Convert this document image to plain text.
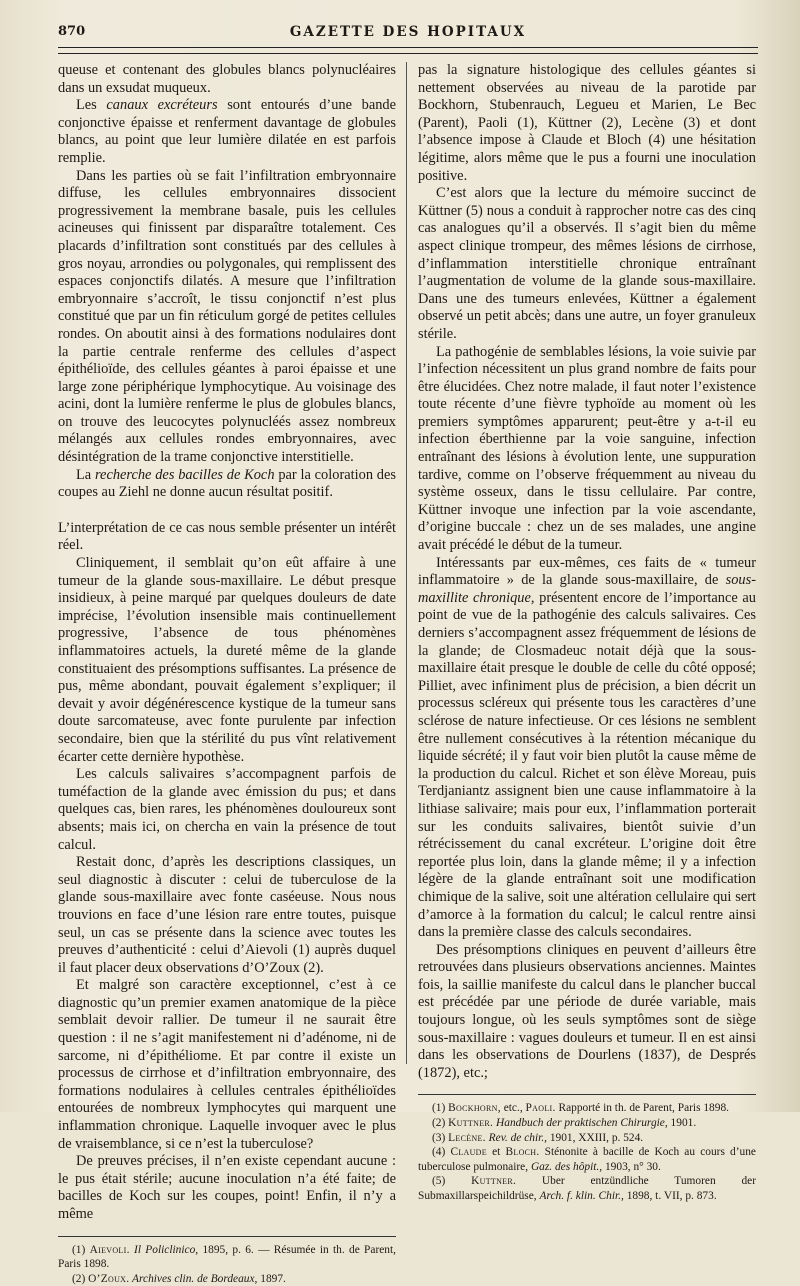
870	GAZETTE DES HOPITAUX

queuse et contenant des globules blancs polynucléaires dans un exsudat muqueux.

Les canaux excréteurs sont entourés d’une bande conjonctive épaisse et renferment davantage de globules blancs, au point que leur lumière dilatée en est parfois remplie.

Dans les parties où se fait l’infiltration embryonnaire diffuse, les cellules embryonnaires dissocient progressivement la membrane basale, puis les cellules acineuses qui finissent par disparaître totalement. Ces placards d’infiltration sont constitués par des cellules à gros noyau, arrondies ou polygonales, qui remplissent des espaces conjonctifs dilatés. A mesure que l’infiltration embryonnaire s’accroît, le tissu conjonctif n’est plus constitué que par un fin réticulum gorgé de petites cellules rondes. On aboutit ainsi à des formations nodulaires dont la partie centrale renferme des cellules d’aspect épithélioïde, des cellules géantes à paroi épaisse et une large zone périphérique lymphocytique. Au voisinage des acini, dont la lumière renferme le plus de globules blancs, on trouve des leucocytes polynucléés assez nombreux mélangés aux cellules rondes embryonnaires, avec désintégration de la trame conjonctive interstitielle.

La recherche des bacilles de Koch par la coloration des coupes au Ziehl ne donne aucun résultat positif.

L’interprétation de ce cas nous semble présenter un intérêt réel.

Cliniquement, il semblait qu’on eût affaire à une tumeur de la glande sous-maxillaire. Le début presque insidieux, à peine marqué par quelques douleurs de date imprécise, l’évolution insensible mais continuellement progressive, l’absence de tous phénomènes inflammatoires actuels, la dureté même de la glande constituaient des présomptions suffisantes. La présence de pus, même abondant, pouvait également s’expliquer; il devait y avoir dégénérescence kystique de la tumeur sans doute sarcomateuse, avec fonte purulente par infection secondaire, bien que la stérilité du pus vînt relativement écarter cette dernière hypothèse.

Les calculs salivaires s’accompagnent parfois de tuméfaction de la glande avec émission du pus; et dans quelques cas, bien rares, les phénomènes douloureux sont absents; mais ici, on chercha en vain la présence de tout calcul.

Restait donc, d’après les descriptions classiques, un seul diagnostic à discuter : celui de tuberculose de la glande sous-maxillaire avec fonte caséeuse. Nous nous trouvions en face d’une lésion rare entre toutes, puisque seul, un cas se présente dans la science avec toutes les preuves d’authenticité : celui d’Aievoli (1) auprès duquel il faut placer deux observations d’O’Zoux (2).

Et malgré son caractère exceptionnel, c’est à ce diagnostic qu’un premier examen anatomique de la pièce semblait devoir rallier. De tumeur il ne saurait être question : il ne s’agit manifestement ni d’adénome, ni de sarcome, ni d’épithéliome. Et par contre il existe un processus de cirrhose et d’infiltration embryonnaire, des formations nodulaires à cellules centrales épithélioïdes entourées de nombreux lymphocytes qui marquent une inflammation chronique. Laquelle invoquer avec le plus de vraisemblance, si ce n’est la tuberculose?

De preuves précises, il n’en existe cependant aucune : le pus était stérile; aucune inoculation n’a été faite; de bacilles de Koch sur les coupes, point! Enfin, il n’y a même

(1) Aievoli. Il Policlinico, 1895, p. 6. — Résumée in th. de Parent, Paris 1898.
(2) O’Zoux. Archives clin. de Bordeaux, 1897.

pas la signature histologique des cellules géantes si nettement observées au niveau de la parotide par Bockhorn, Stubenrauch, Legueu et Marien, Le Bec (Parent), Paoli (1), Küttner (2), Lecène (3) et dont l’absence impose à Claude et Bloch (4) une hésitation légitime, alors même que le pus a fourni une inoculation positive.

C’est alors que la lecture du mémoire succinct de Küttner (5) nous a conduit à rapprocher notre cas des cinq cas analogues qu’il a observés. Il s’agit bien du même aspect clinique trompeur, des mêmes lésions de cirrhose, d’inflammation interstitielle chronique entraînant l’augmentation de volume de la glande sous-maxillaire. Dans une des tumeurs enlevées, Küttner a également observé un petit abcès; dans une autre, un foyer granuleux stérile.

La pathogénie de semblables lésions, la voie suivie par l’infection nécessitent un plus grand nombre de faits pour être élucidées. Chez notre malade, il faut noter l’existence toute récente d’une fièvre typhoïde au moment où les premiers symptômes apparurent; peut-être y a-t-il eu infection éberthienne par la voie sanguine, infection entraînant des lésions à évolution lente, une suppuration tardive, comme on l’observe fréquemment au niveau du système osseux, dans le tissu cellulaire. Par contre, Küttner invoque une infection par la voie ascendante, d’origine buccale : chez un de ses malades, une angine avait précédé le début de la tumeur.

Intéressants par eux-mêmes, ces faits de « tumeur inflammatoire » de la glande sous-maxillaire, de sous-maxillite chronique, présentent encore de l’importance au point de vue de la pathogénie des calculs salivaires. Ces derniers s’accompagnent assez fréquemment de lésions de la glande; de Closmadeuc notait déjà que la sous-maxillaire était presque le double de celle du côté opposé; Pilliet, avec infiniment plus de précision, a bien décrit un processus scléreux qui présente tous les caractères d’une sclérose de nature infectieuse. Or ces lésions ne semblent être nullement consécutives à la rétention mécanique du liquide sécrété; il y faut voir bien plutôt la cause même de la production du calcul. Richet et son élève Moreau, puis Terdjaniantz assignent bien une cause inflammatoire à la lithiase salivaire; mais pour eux, l’inflammation porterait sur les conduits salivaires, bientôt suivie d’un rétrécissement du canal excréteur. L’origine doit être reportée plus loin, dans la glande même; il y a infection légère de la glande entraînant soit une modification chimique de la salive, soit une altération cellulaire qui sert d’amorce à la formation du calcul; le calcul rentre ainsi dans la première classe des calculs secondaires.

Des présomptions cliniques en peuvent d’ailleurs être retrouvées dans plusieurs observations anciennes. Maintes fois, la saillie manifeste du calcul dans le plancher buccal est précédée par une période de durée variable, mais toujours longue, où les seuls symptômes sont de siège sous-maxillaire : vagues douleurs et tumeur. Il en est ainsi dans les observations de Dourlens (1837), de Després (1872), etc.;

(1) Bockhorn, etc., Paoli. Rapporté in th. de Parent, Paris 1898.
(2) Kuttner. Handbuch der praktischen Chirurgie, 1901.
(3) Lecène. Rev. de chir., 1901, XXIII, p. 524.
(4) Claude et Bloch. Sténonite à bacille de Koch au cours d’une tuberculose pulmonaire, Gaz. des hôpit., 1903, n° 30.
(5) Kuttner. Uber entzündliche Tumoren der Submaxillarspeichildrüse, Arch. f. klin. Chir., 1898, t. VII, p. 873.
